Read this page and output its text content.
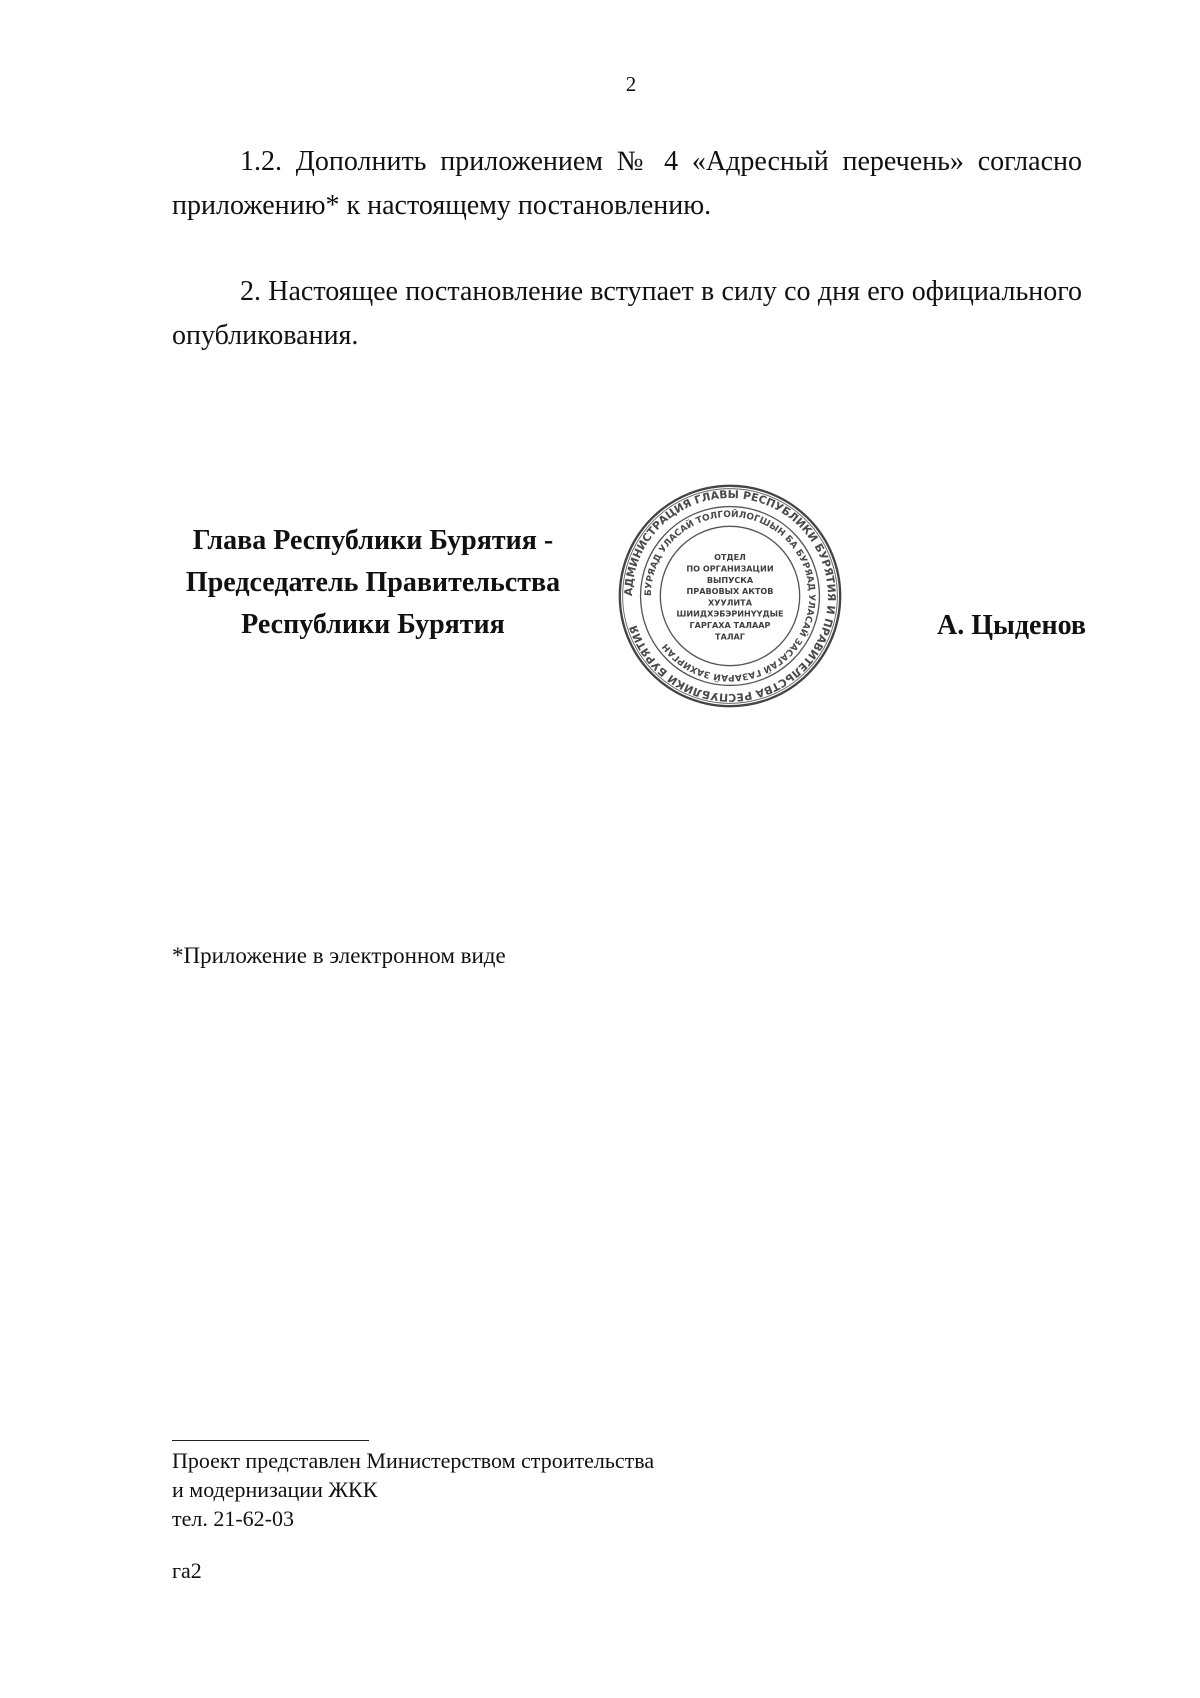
2

1.2. Дополнить приложением № 4 «Адресный перечень» согласно приложению* к настоящему постановлению.

2. Настоящее постановление вступает в силу со дня его официального опубликования.

Глава Республики Бурятия -
Председатель Правительства
Республики Бурятия
АДМИНИСТРАЦИЯ ГЛАВЫ РЕСПУБЛИКИ БУРЯТИЯ И ПРАВИТЕЛЬСТВА РЕСПУБЛИКИ БУРЯТИЯ
БУРЯАД УЛАСАЙ ТОЛГОЙЛОГШЫН БА БУРЯАД УЛАСАЙ ЗАСАГАЙ ГАЗАРАЙ ЗАХИРГАН
ОТДЕЛ
ПО ОРГАНИЗАЦИИ
ВЫПУСКА
ПРАВОВЫХ АКТОВ
ХУУЛИТА
ШИИДХЭБЭРИНҮҮДЫЕ
ГАРГАХА ТАЛААР
ТАЛАГ	А. Цыденов
*Приложение в электронном виде
Проект представлен Министерством строительства
и модернизации ЖКК
тел. 21-62-03
га2
